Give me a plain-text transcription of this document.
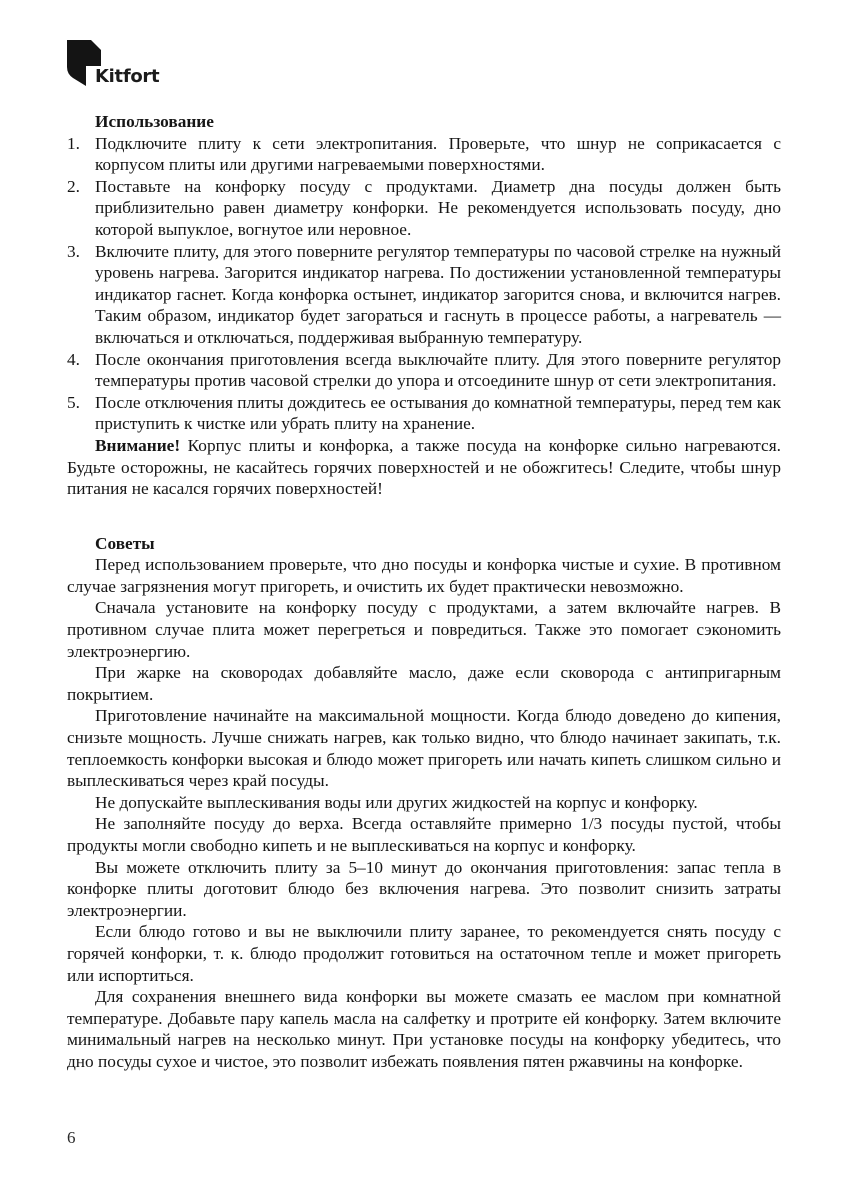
Kitfort

Использование

1. Подключите плиту к сети электропитания. Проверьте, что шнур не соприкасается с корпусом плиты или другими нагреваемыми поверхностями.
2. Поставьте на конфорку посуду с продуктами. Диаметр дна посуды должен быть приблизительно равен диаметру конфорки. Не рекомендуется использовать посуду, дно которой выпуклое, вогнутое или неровное.
3. Включите плиту, для этого поверните регулятор температуры по часовой стрелке на нужный уровень нагрева. Загорится индикатор нагрева. По достижении установленной температуры индикатор гаснет. Когда конфорка остынет, индикатор загорится снова, и включится нагрев. Таким образом, индикатор будет загораться и гаснуть в процессе работы, а нагреватель — включаться и отключаться, поддерживая выбранную температуру.
4. После окончания приготовления всегда выключайте плиту. Для этого поверните регулятор температуры против часовой стрелки до упора и отсоедините шнур от сети электропитания.
5. После отключения плиты дождитесь ее остывания до комнатной температуры, перед тем как приступить к чистке или убрать плиту на хранение.

Внимание! Корпус плиты и конфорка, а также посуда на конфорке сильно нагреваются. Будьте осторожны, не касайтесь горячих поверхностей и не обожгитесь! Следите, чтобы шнур питания не касался горячих поверхностей!

Советы

Перед использованием проверьте, что дно посуды и конфорка чистые и сухие. В противном случае загрязнения могут пригореть, и очистить их будет практически невозможно.

Сначала установите на конфорку посуду с продуктами, а затем включайте нагрев. В противном случае плита может перегреться и повредиться. Также это помогает сэкономить электроэнергию.

При жарке на сковородах добавляйте масло, даже если сковорода с антипригарным покрытием.

Приготовление начинайте на максимальной мощности. Когда блюдо доведено до кипения, снизьте мощность. Лучше снижать нагрев, как только видно, что блюдо начинает закипать, т.к. теплоемкость конфорки высокая и блюдо может пригореть или начать кипеть слишком сильно и выплескиваться через край посуды.

Не допускайте выплескивания воды или других жидкостей на корпус и конфорку.

Не заполняйте посуду до верха. Всегда оставляйте примерно 1/3 посуды пустой, чтобы продукты могли свободно кипеть и не выплескиваться на корпус и конфорку.

Вы можете отключить плиту за 5–10 минут до окончания приготовления: запас тепла в конфорке плиты доготовит блюдо без включения нагрева. Это позволит снизить затраты электроэнергии.

Если блюдо готово и вы не выключили плиту заранее, то рекомендуется снять посуду с горячей конфорки, т. к. блюдо продолжит готовиться на остаточном тепле и может пригореть или испортиться.

Для сохранения внешнего вида конфорки вы можете смазать ее маслом при комнатной температуре. Добавьте пару капель масла на салфетку и протрите ей конфорку. Затем включите минимальный нагрев на несколько минут. При установке посуды на конфорку убедитесь, что дно посуды сухое и чистое, это позволит избежать появления пятен ржавчины на конфорке.

6
